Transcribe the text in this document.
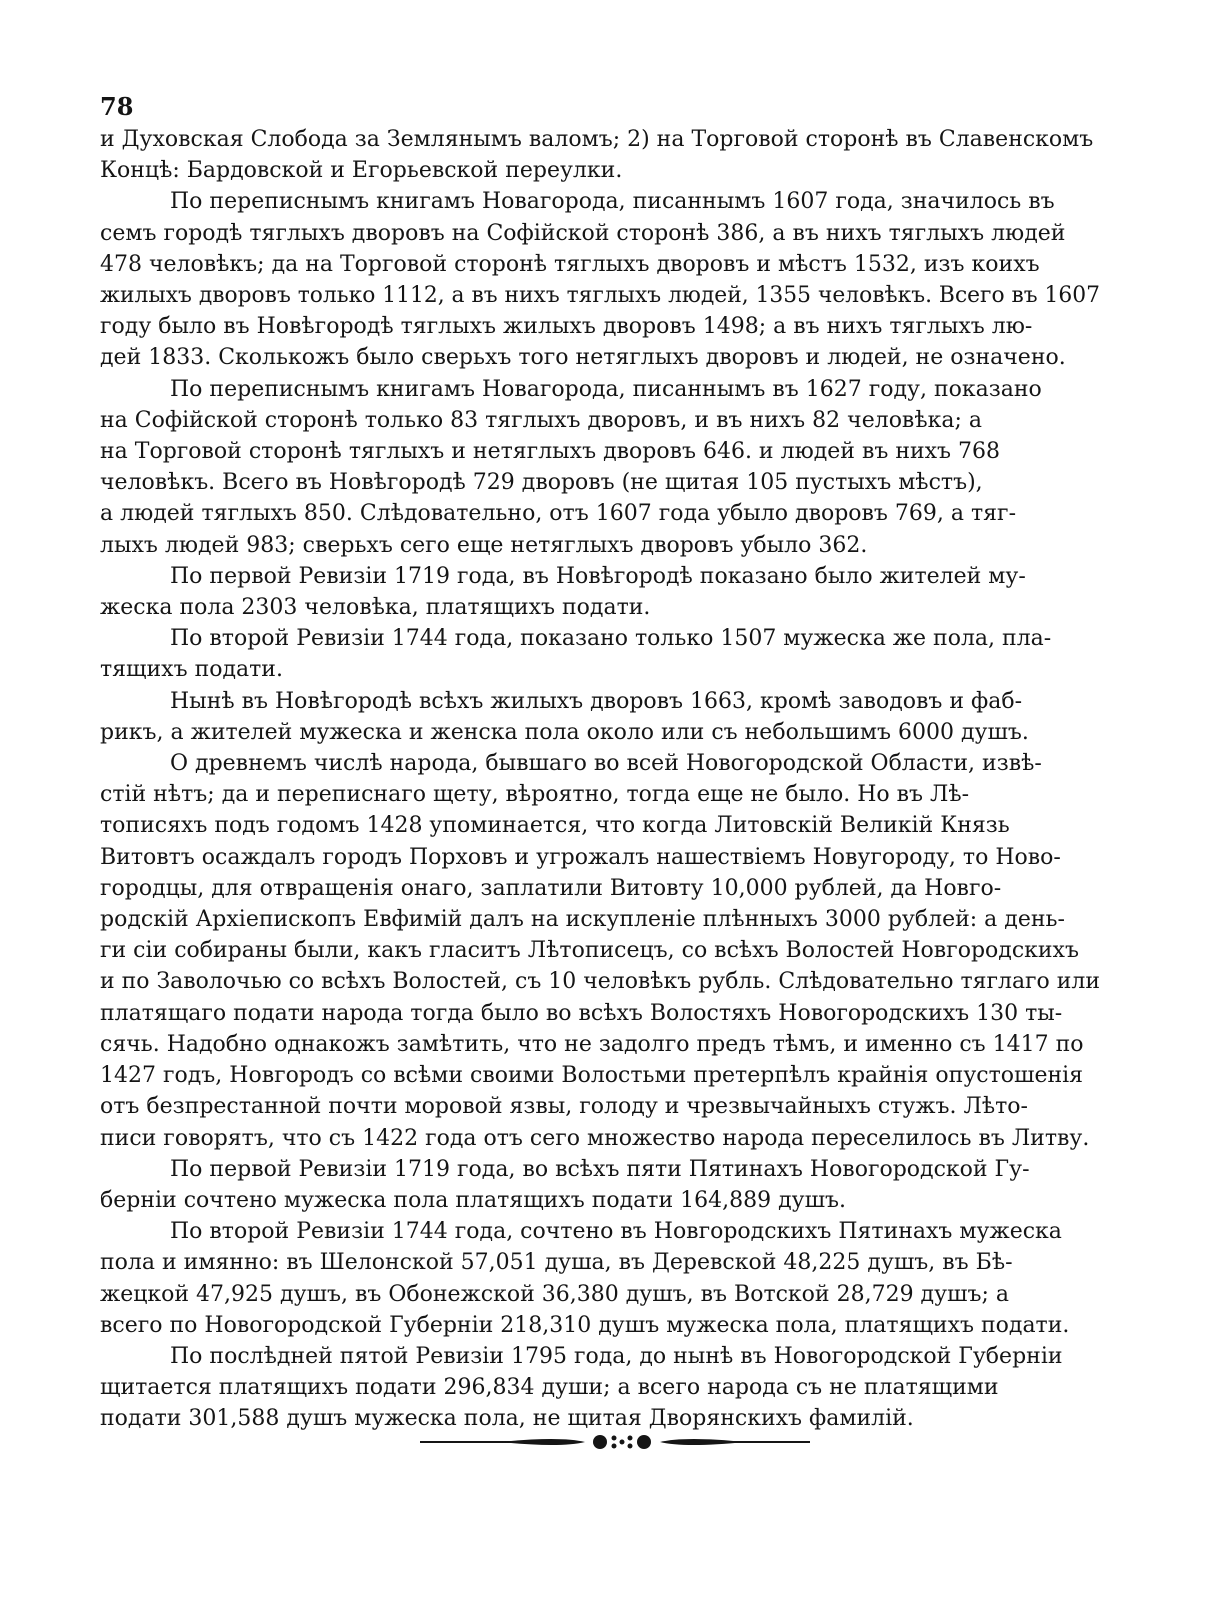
78

и Духовская Слобода за Землянымъ валомъ; 2) на Торговой сторонѣ въ Славенскомъ
Концѣ: Бардовской и Егорьевской переулки.

По переписнымъ книгамъ Новагорода, писаннымъ 1607 года, значилось въ
семъ городѣ тяглыхъ дворовъ на Софійской сторонѣ 386, а въ нихъ тяглыхъ людей
478 человѣкъ; да на Торговой сторонѣ тяглыхъ дворовъ и мѣстъ 1532, изъ коихъ
жилыхъ дворовъ только 1112, а въ нихъ тяглыхъ людей, 1355 человѣкъ. Всего въ 1607
году было въ Новѣгородѣ тяглыхъ жилыхъ дворовъ 1498; а въ нихъ тяглыхъ лю-
дей 1833. Сколькожъ было сверьхъ того нетяглыхъ дворовъ и людей, не означено.

По переписнымъ книгамъ Новагорода, писаннымъ въ 1627 году, показано
на Софійской сторонѣ только 83 тяглыхъ дворовъ, и въ нихъ 82 человѣка; а
на Торговой сторонѣ тяглыхъ и нетяглыхъ дворовъ 646. и людей въ нихъ 768
человѣкъ. Всего въ Новѣгородѣ 729 дворовъ (не щитая 105 пустыхъ мѣстъ),
а людей тяглыхъ 850. Слѣдовательно, отъ 1607 года убыло дворовъ 769, а тяг-
лыхъ людей 983; сверьхъ сего еще нетяглыхъ дворовъ убыло 362.

По первой Ревизіи 1719 года, въ Новѣгородѣ показано было жителей му-
жеска пола 2303 человѣка, платящихъ подати.

По второй Ревизіи 1744 года, показано только 1507 мужеска же пола, пла-
тящихъ подати.

Нынѣ въ Новѣгородѣ всѣхъ жилыхъ дворовъ 1663, кромѣ заводовъ и фаб-
рикъ, а жителей мужеска и женска пола около или съ небольшимъ 6000 душъ.

О древнемъ числѣ народа, бывшаго во всей Новогородской Области, извѣ-
стій нѣтъ; да и переписнаго щету, вѣроятно, тогда еще не было. Но въ Лѣ-
тописяхъ подъ годомъ 1428 упоминается, что когда Литовскій Великій Князь
Витовтъ осаждалъ городъ Порховъ и угрожалъ нашествіемъ Новугороду, то Ново-
городцы, для отвращенія онаго, заплатили Витовту 10,000 рублей, да Новго-
родскій Архіепископъ Евфимій далъ на искупленіе плѣнныхъ 3000 рублей: а день-
ги сіи собираны были, какъ гласитъ Лѣтописецъ, со всѣхъ Волостей Новгородскихъ
и по Заволочью со всѣхъ Волостей, съ 10 человѣкъ рубль. Слѣдовательно тяглаго или
платящаго подати народа тогда было во всѣхъ Волостяхъ Новогородскихъ 130 ты-
сячь. Надобно однакожъ замѣтить, что не задолго предъ тѣмъ, и именно съ 1417 по
1427 годъ, Новгородъ со всѣми своими Волостьми претерпѣлъ крайнія опустошенія
отъ безпрестанной почти моровой язвы, голоду и чрезвычайныхъ стужъ. Лѣто-
писи говорятъ, что съ 1422 года отъ сего множество народа переселилось въ Литву.

По первой Ревизіи 1719 года, во всѣхъ пяти Пятинахъ Новогородской Гу-
берніи сочтено мужеска пола платящихъ подати 164,889 душъ.

По второй Ревизіи 1744 года, сочтено въ Новгородскихъ Пятинахъ мужеска
пола и имянно: въ Шелонской 57,051 душа, въ Деревской 48,225 душъ, въ Бѣ-
жецкой 47,925 душъ, въ Обонежской 36,380 душъ, въ Вотской 28,729 душъ; а
всего по Новогородской Губерніи 218,310 душъ мужеска пола, платящихъ подати.

По послѣдней пятой Ревизіи 1795 года, до нынѣ въ Новогородской Губерніи
щитается платящихъ подати 296,834 души; а всего народа съ не платящими
подати 301,588 душъ мужеска пола, не щитая Дворянскихъ фамилій.
